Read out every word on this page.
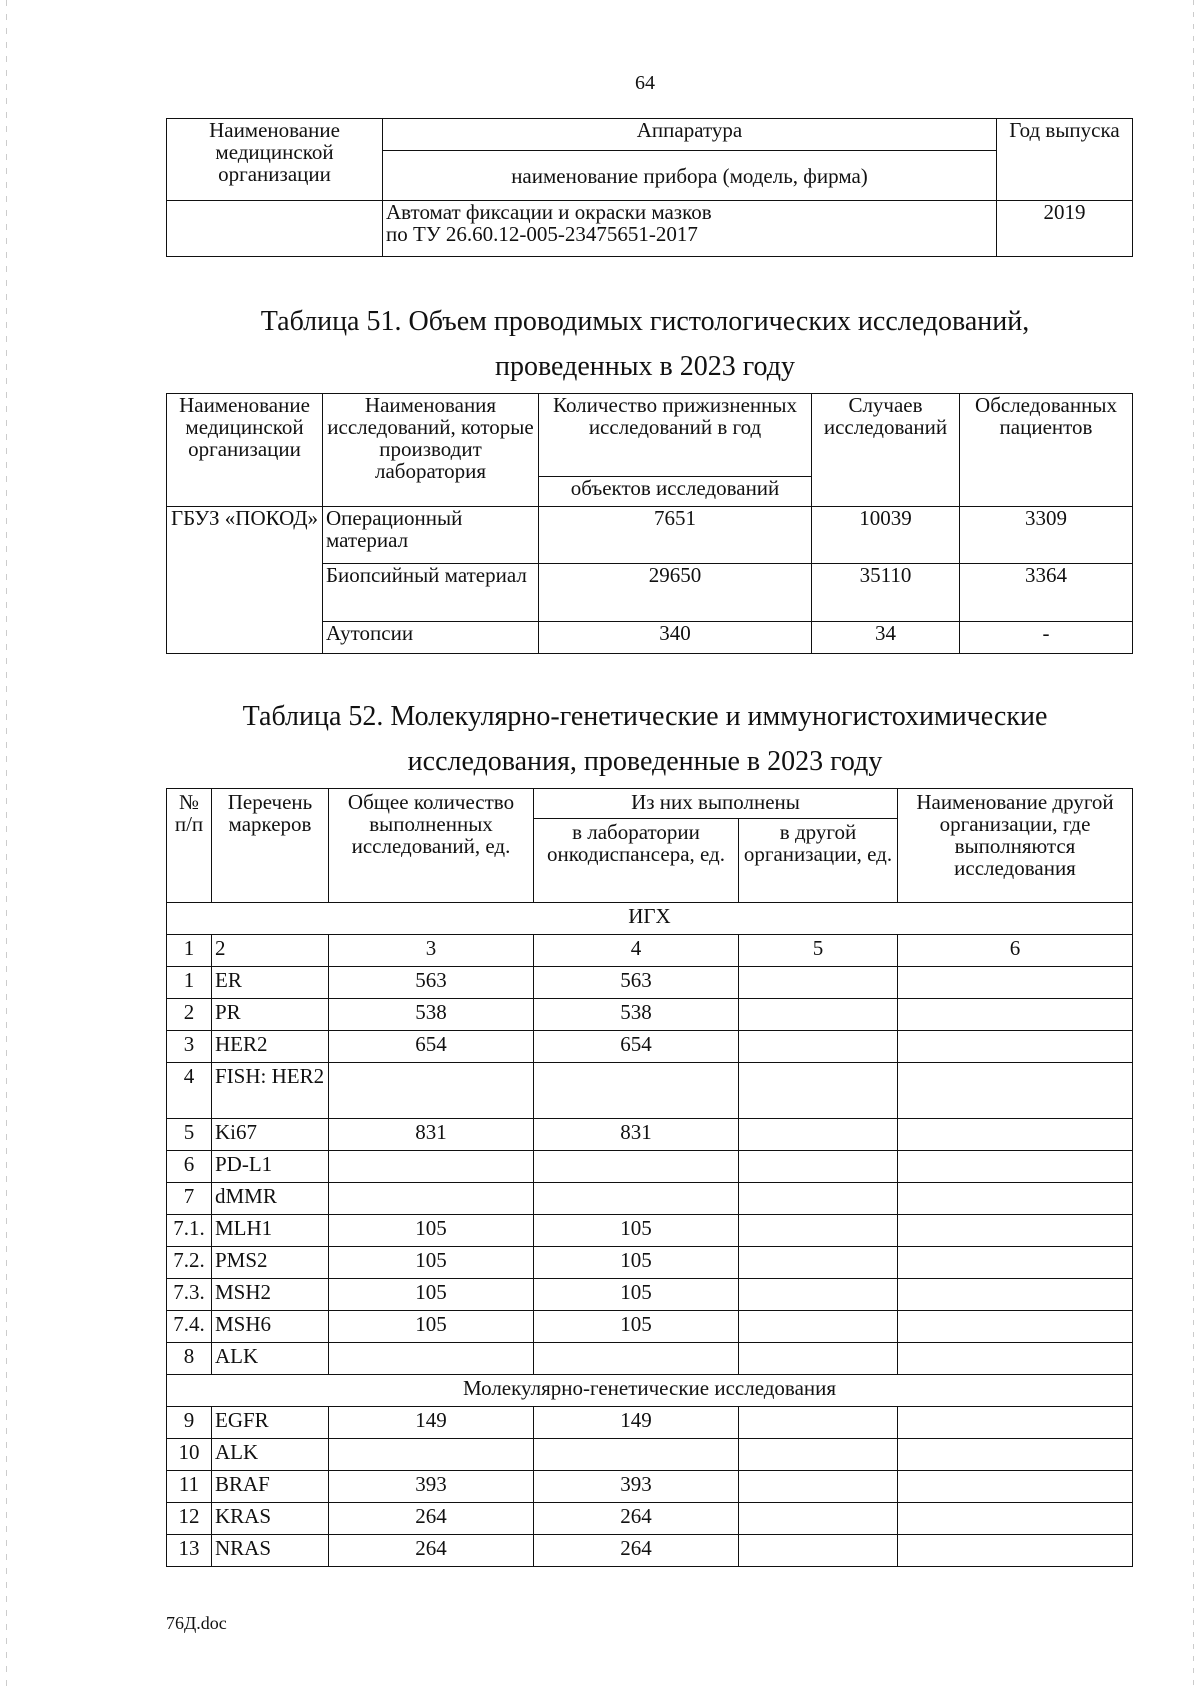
64
Наименование медицинской организации	Аппаратура	Год выпуска
	наименование прибора (модель, фирма)	

	Автомат фиксации и окраски мазков
по ТУ 26.60.12-005-23475651-2017	2019
Таблица 51. Объем проводимых гистологических исследований,
проведенных в 2023 году
Наименование медицинской организации	Наименования исследований, которые производит лаборатория	Количество прижизненных исследований в год	Случаев исследований	Обследованных пациентов
		объектов исследований		
ГБУЗ «ПОКОД»	Операционный материал	7651	10039	3309
	Биопсийный материал	29650	35110	3364
	Аутопсии	340	34	-
Таблица 52. Молекулярно-генетические и иммуногистохимические
исследования, проведенные в 2023 году
№ п/п	Перечень маркеров	Общее количество выполненных исследований, ед.	Из них выполнены		Наименование другой организации, где выполняются исследования
			в лаборатории онкодиспансера, ед.	в другой организации, ед.	
ИГХ					
1	2	3	4	5	6
1	ER	563	563		
2	PR	538	538		
3	HER2	654	654		
4	FISH: HER2				
5	Ki67	831	831		
6	PD-L1				
7	dMMR				
7.1.	MLH1	105	105		
7.2.	PMS2	105	105		
7.3.	MSH2	105	105		
7.4.	MSH6	105	105		
8	ALK				
Молекулярно-генетические исследования					
9	EGFR	149	149		
10	ALK				
11	BRAF	393	393		
12	KRAS	264	264		
13	NRAS	264	264		
76Д.doc
